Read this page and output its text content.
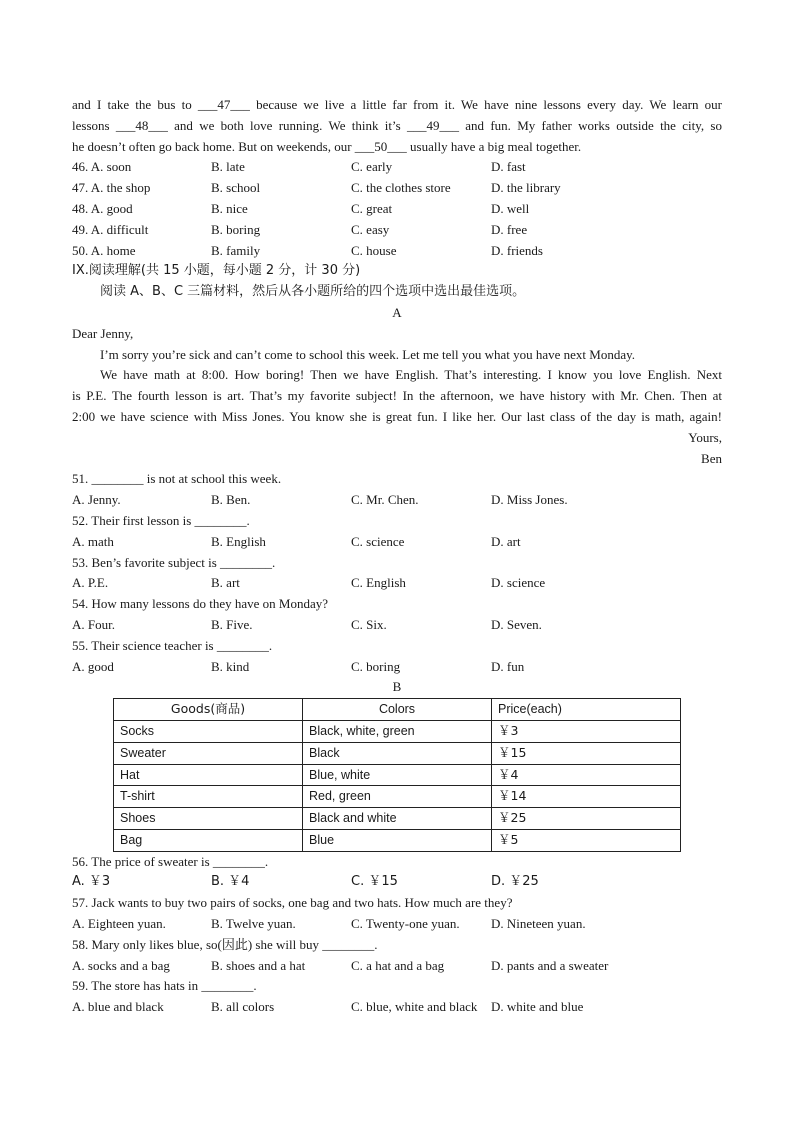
and I take the bus to ___47___ because we live a little far from it. We have nine lessons every day. We learn our

lessons ___48___ and we both love running. We think it’s ___49___ and fun. My father works outside the city, so

he doesn’t often go back home. But on weekends, our ___50___ usually have a big meal together.

46. A. soon	B. late	C. early	D. fast
47. A. the shop	B. school	C. the clothes store	D. the library
48. A. good	B. nice	C. great	D. well
49. A. difficult	B. boring	C. easy	D. free
50. A. home	B. family	C. house	D. friends

IX.阅读理解(共 15 小题，每小题 2 分，计 30 分)

阅读 A、B、C 三篇材料，然后从各小题所给的四个选项中选出最佳选项。

A

Dear Jenny,

I’m sorry you’re sick and can’t come to school this week. Let me tell you what you have next Monday.

We have math at 8:00. How boring! Then we have English. That’s interesting. I know you love English. Next

is P.E. The fourth lesson is art. That’s my favorite subject! In the afternoon, we have history with Mr. Chen. Then at

2:00 we have science with Miss Jones. You know she is great fun. I like her. Our last class of the day is math, again!

Yours,

Ben

51. ________ is not at school this week.

A. Jenny.	B. Ben.	C. Mr. Chen.	D. Miss Jones.

52. Their first lesson is ________.

A. math	B. English	C. science	D. art

53. Ben’s favorite subject is ________.

A. P.E.	B. art	C. English	D. science

54. How many lessons do they have on Monday?

A. Four.	B. Five.	C. Six.	D. Seven.

55. Their science teacher is ________.

A. good	B. kind	C. boring	D. fun

B

Goods(商品)	Colors	Price(each)
Socks	Black, white, green	￥3
Sweater	Black	￥15
Hat	Blue, white	￥4
T-shirt	Red, green	￥14
Shoes	Black and white	￥25
Bag	Blue	￥5

56. The price of sweater is ________.

A. ￥3	B. ￥4	C. ￥15	D. ￥25

57. Jack wants to buy two pairs of socks, one bag and two hats. How much are they?

A. Eighteen yuan.	B. Twelve yuan.	C. Twenty-one yuan.	D. Nineteen yuan.

58. Mary only likes blue, so(因此) she will buy ________.

A. socks and a bag	B. shoes and a hat	C. a hat and a bag	D. pants and a sweater

59. The store has hats in ________.

A. blue and black	B. all colors	C. blue, white and black	D. white and blue
